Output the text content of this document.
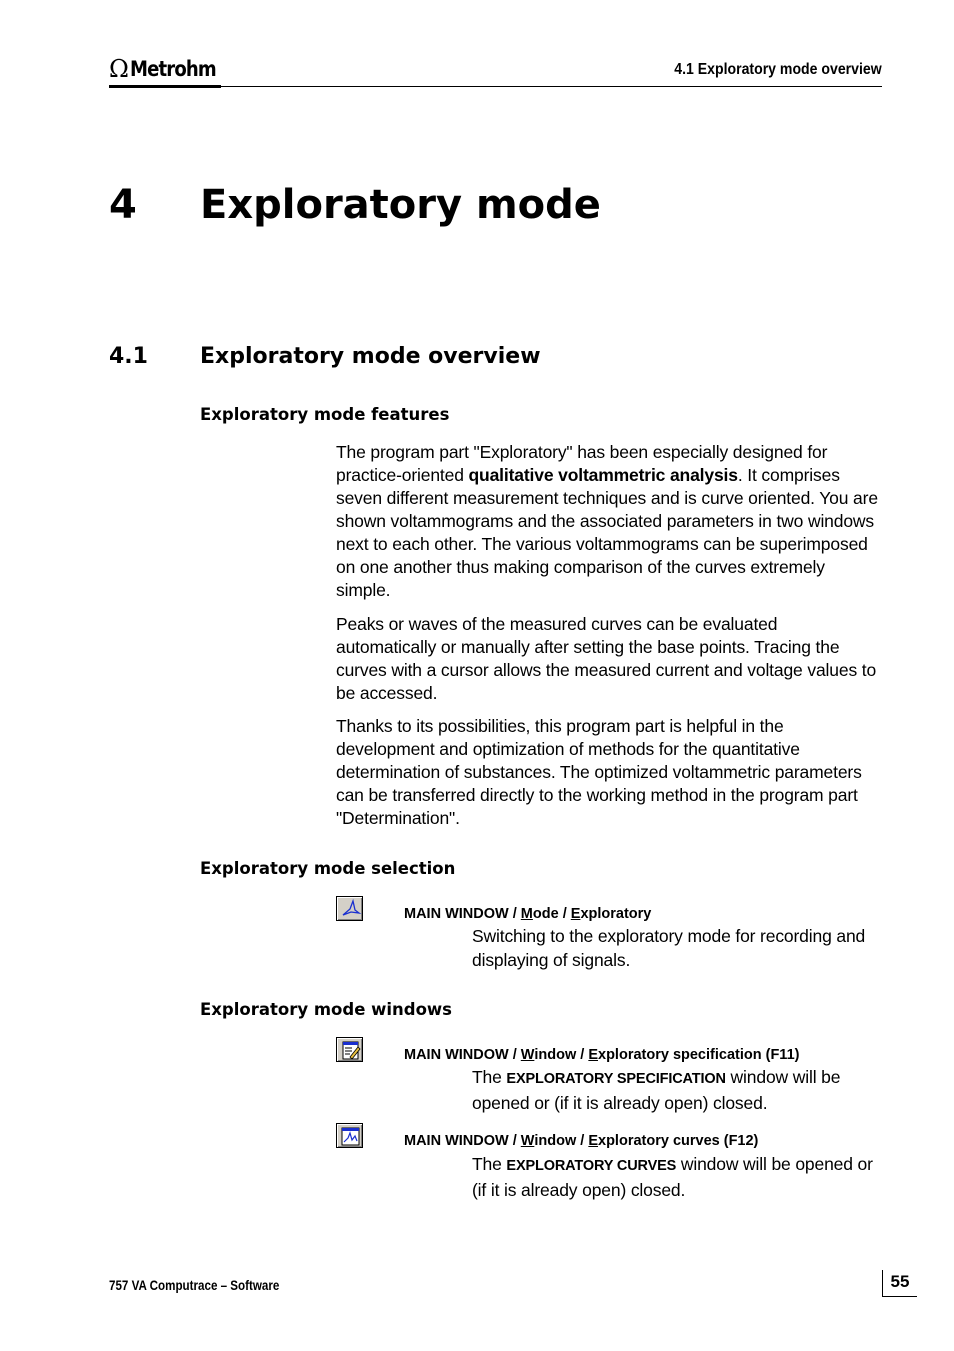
Ω Metrohm	4.1 Exploratory mode overview
4 Exploratory mode
4.1 Exploratory mode overview
Exploratory mode features
The program part "Exploratory" has been especially designed for practice-oriented qualitative voltammetric analysis. It comprises seven different measurement techniques and is curve oriented. You are shown voltammograms and the associated parameters in two windows next to each other. The various voltammograms can be superimposed on one another thus making comparison of the curves extremely simple.
Peaks or waves of the measured curves can be evaluated automatically or manually after setting the base points. Tracing the curves with a cursor allows the measured current and voltage values to be accessed.
Thanks to its possibilities, this program part is helpful in the development and optimization of methods for the quantitative determination of substances. The optimized voltammetric parameters can be transferred directly to the working method in the program part "Determination".
Exploratory mode selection
MAIN WINDOW / Mode / Exploratory
Switching to the exploratory mode for recording and displaying of signals.
Exploratory mode windows
MAIN WINDOW / Window / Exploratory specification (F11)
The EXPLORATORY SPECIFICATION window will be opened or (if it is already open) closed.
MAIN WINDOW / Window / Exploratory curves (F12)
The EXPLORATORY CURVES window will be opened or (if it is already open) closed.
757 VA Computrace – Software	55
